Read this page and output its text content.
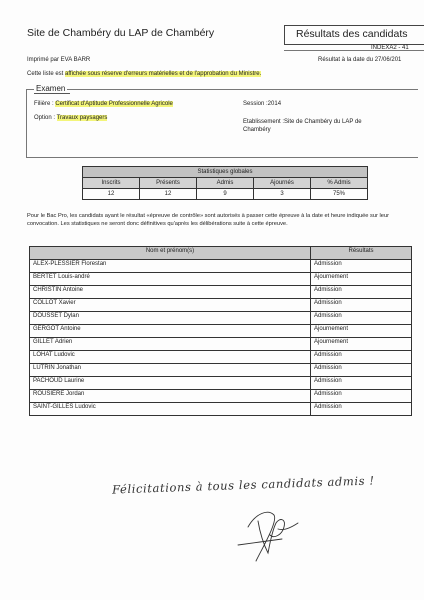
Site de Chambéry du LAP de Chambéry	Résultats des candidats
INDEXA2 - 41
Imprimé par EVA BARR	Résultat à la date du 27/06/201
Cette liste est affichée sous réserve d'erreurs matérielles et de l'approbation du Ministre.
Examen
Filière : Certificat d'Aptitude Professionnelle Agricole
Option : Travaux paysagers
Session :2014
Etablissement :Site de Chambéry du LAP de
Chambéry
Statistiques globales				
Inscrits	Présents	Admis	Ajournés	% Admis
12	12	9	3	75%
Pour le Bac Pro, les candidats ayant le résultat «épreuve de contrôle» sont autorisés à passer cette épreuve à la date et heure indiquée sur leur convocation. Les statistiques ne seront donc définitives qu'après les délibérations suite à cette épreuve.
Nom et prénom(s)	Résultats
ALEX-PLESSIER Florestan	Admission
BERTET Louis-andré	Ajournement
CHRISTIN Antoine	Admission
COLLOT Xavier	Admission
DOUSSET Dylan	Admission
GERGOT Antoine	Ajournement
GILLET Adrien	Ajournement
LOHAT Ludovic	Admission
LUTRIN Jonathan	Admission
PACHOUD Laurine	Admission
ROUSIERE Jordan	Admission
SAINT-GILLES Ludovic	Admission
Félicitations à tous les candidats admis !
